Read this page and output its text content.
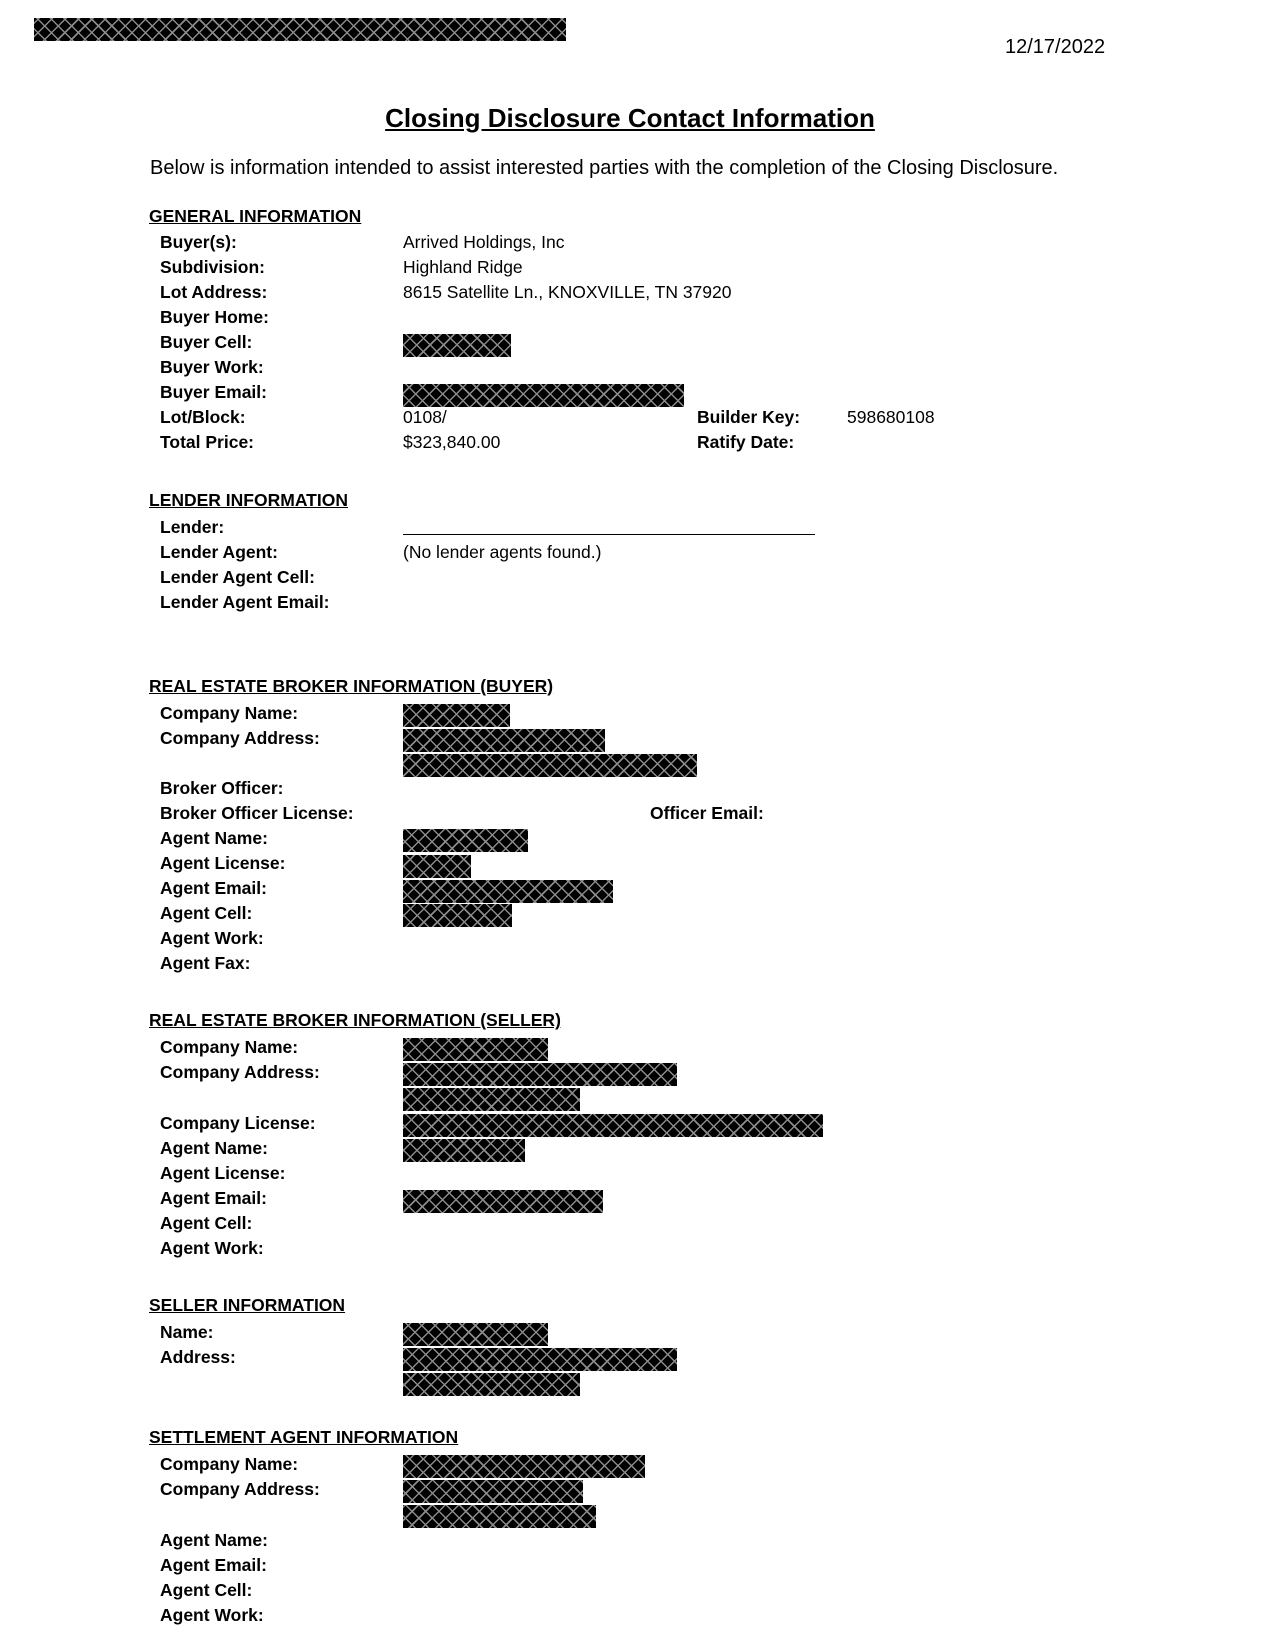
12/17/2022
Closing Disclosure Contact Information
Below is information intended to assist interested parties with the completion of the Closing Disclosure.
GENERAL INFORMATION
Buyer(s):	Arrived Holdings, Inc
Subdivision:	Highland Ridge
Lot Address:	8615 Satellite Ln., KNOXVILLE, TN 37920
Buyer Home:
Buyer Cell:
Buyer Work:
Buyer Email:
Lot/Block:	0108/	Builder Key:	598680108
Total Price:	$323,840.00	Ratify Date:
LENDER INFORMATION
Lender:
Lender Agent:	(No lender agents found.)
Lender Agent Cell:
Lender Agent Email:
REAL ESTATE BROKER INFORMATION (BUYER)
Company Name:
Company Address:
Broker Officer:
Broker Officer License:	Officer Email:
Agent Name:
Agent License:
Agent Email:
Agent Cell:
Agent Work:
Agent Fax:
REAL ESTATE BROKER INFORMATION (SELLER)
Company Name:
Company Address:
Company License:
Agent Name:
Agent License:
Agent Email:
Agent Cell:
Agent Work:
SELLER INFORMATION
Name:
Address:
SETTLEMENT AGENT INFORMATION
Company Name:
Company Address:
Agent Name:
Agent Email:
Agent Cell:
Agent Work:
